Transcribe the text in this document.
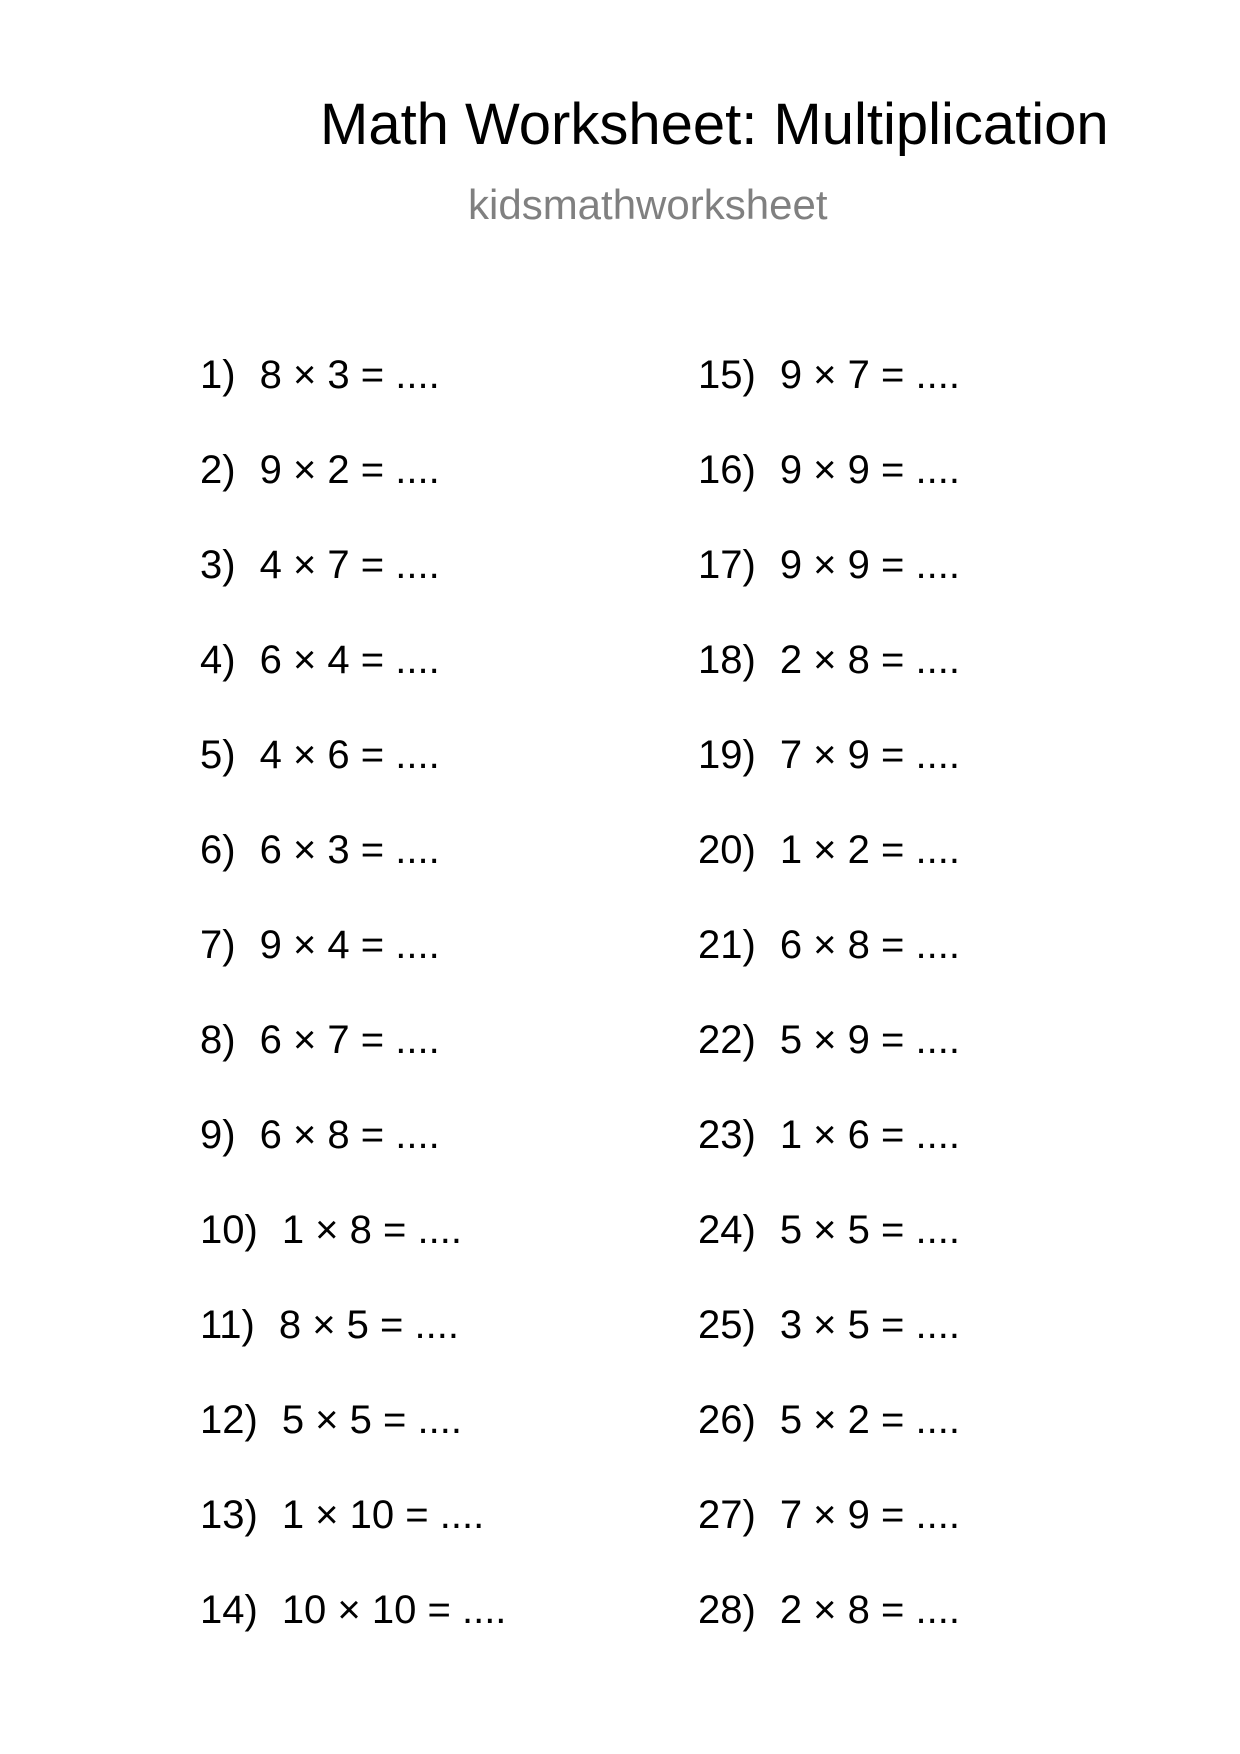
Math Worksheet: Multiplication
kidsmathworksheet
1) 8 × 3 = ....
2) 9 × 2 = ....
3) 4 × 7 = ....
4) 6 × 4 = ....
5) 4 × 6 = ....
6) 6 × 3 = ....
7) 9 × 4 = ....
8) 6 × 7 = ....
9) 6 × 8 = ....
10) 1 × 8 = ....
11) 8 × 5 = ....
12) 5 × 5 = ....
13) 1 × 10 = ....
14) 10 × 10 = ....
15) 9 × 7 = ....
16) 9 × 9 = ....
17) 9 × 9 = ....
18) 2 × 8 = ....
19) 7 × 9 = ....
20) 1 × 2 = ....
21) 6 × 8 = ....
22) 5 × 9 = ....
23) 1 × 6 = ....
24) 5 × 5 = ....
25) 3 × 5 = ....
26) 5 × 2 = ....
27) 7 × 9 = ....
28) 2 × 8 = ....
